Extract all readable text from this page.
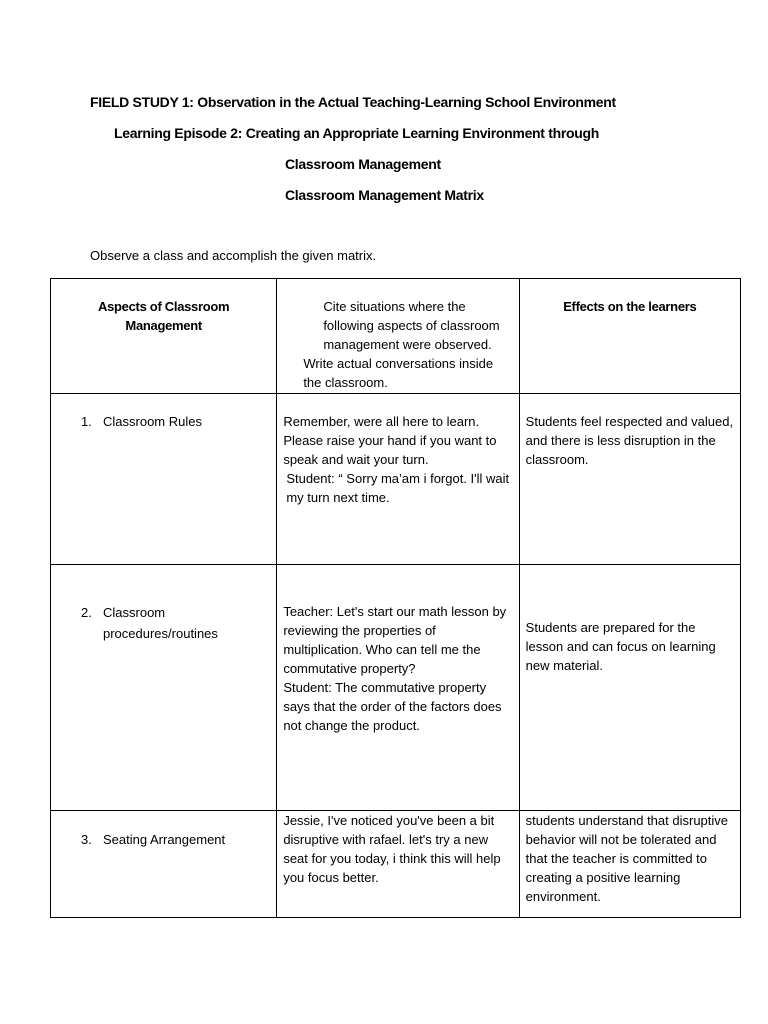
FIELD STUDY 1: Observation in the Actual Teaching-Learning School Environment
Learning Episode 2: Creating an Appropriate Learning Environment through
Classroom Management
Classroom Management Matrix
Observe a class and accomplish the given matrix.
Aspects of Classroom Management	Cite situations where the following aspects of classroom management were observed.
Write actual conversations inside the classroom.	Effects on the learners

1. Classroom Rules	Remember, were all here to learn. Please raise your hand if you want to speak and wait your turn.
Student: “ Sorry ma’am i forgot. I'll wait my turn next time.	Students feel respected and valued, and there is less disruption in the classroom.

2. Classroom procedures/routines	Teacher: Let's start our math lesson by reviewing the properties of multiplication. Who can tell me the commutative property?
Student: The commutative property says that the order of the factors does not change the product.	Students are prepared for the lesson and can focus on learning new material.

3. Seating Arrangement	Jessie, I've noticed you've been a bit disruptive with rafael. let's try a new seat for you today, i think this will help you focus better.	students understand that disruptive behavior will not be tolerated and that the teacher is committed to creating a positive learning environment.
